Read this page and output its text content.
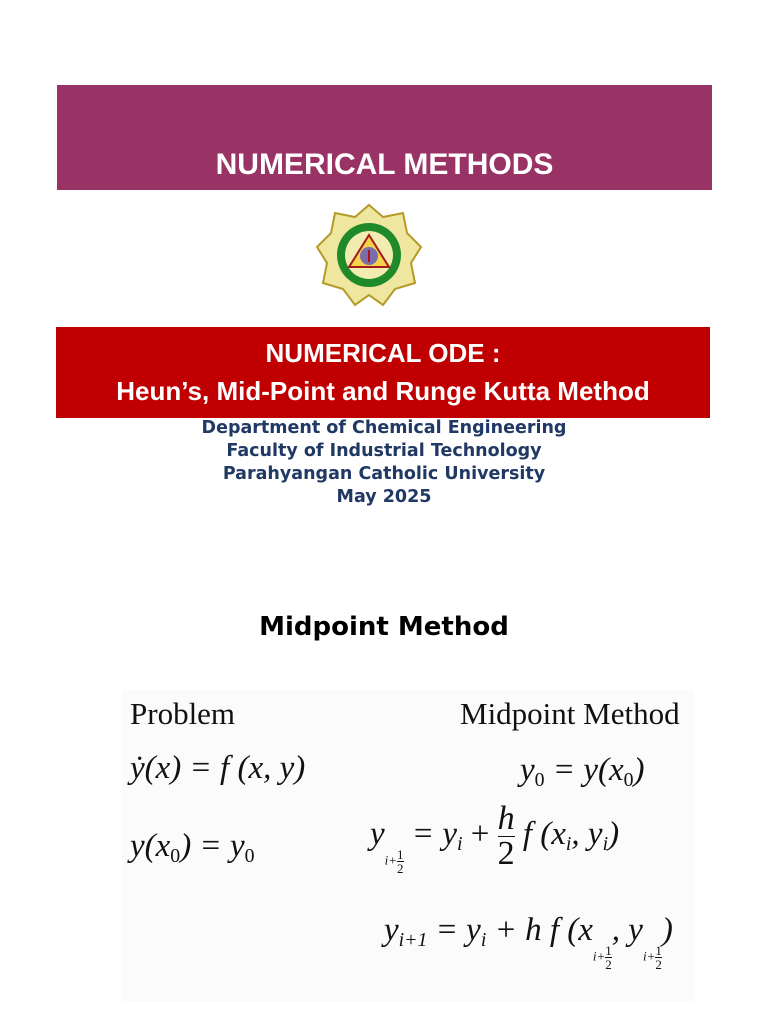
NUMERICAL METHODS
NUMERICAL ODE :
Heun’s, Mid-Point and Runge Kutta Method
Department of Chemical Engineering
Faculty of Industrial Technology
Parahyangan Catholic University
May 2025
Midpoint Method
Problem	Midpoint Method
ẏ(x) = f (x, y)
$y(x_0) = y_0$
$y_0 = y(x_0)$
$yi+ \frac{1}{2}$
= $y_i + \frac{h}{2}$ f ($x_i$, $y_i$)
$y_{i+1} = y_i + h$ f ($xi+ \frac{1}{2}$
, $yi+ \frac{1}{2}$
)
